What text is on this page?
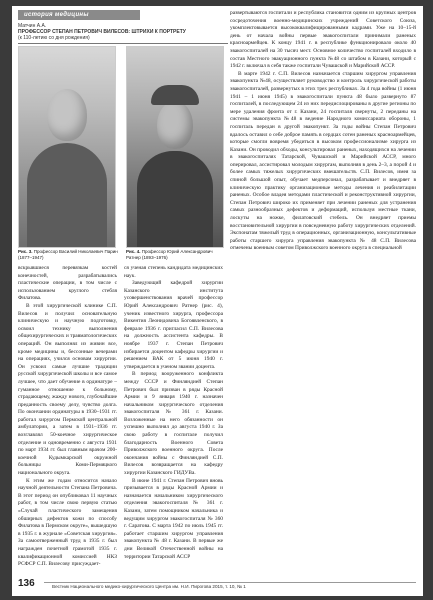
история медицины
Матчин А.А.
ПРОФЕССОР СТЕПАН ПЕТРОВИЧ ВИЛЕСОВ: ШТРИХИ К ПОРТРЕТУ
(к 110-летию со дня рождения)
Рис. 3. Профессор Василий Николаевич Парин (1877–1947)
Рис. 4. Профессор Юрий Александрович Ратнер (1893–1976)

вскрывшиеся перевязкам костей конечностей, разрабатывались пластические операции, в том числе с использованием круглого стебля Филатова.
В этой хирургической клинике С.П. Вилесов и получил основательную клиническую и научную подготовку, освоил технику выполнения общехирургических и травматологических операций. Он выполнял из живин все, кроме медицины и, бессонные вечерами на операциях, учился основам хирургии. Он усвоил самые лучшие традиции русской хирургической школы и все самое лучшее, что дает обучение в ординатуре – гуманное отношение к больному, страдающему, жажду нового, глубочайшие преданность своему делу, чувство долга. По окончании ординатуры в 1930–1931 гг. работал хирургом Пермской центральной амбулатории, а затем в 1931–1936 гг. возглавлял 50-коечное хирургическое отделение и одновременно с августа 1931 по март 1934 гг. был главным врачом 200-коечной Кудымкарской окружной больницы Коми-Пермяцкого национального округа.
К этим же годам относится начало научной деятельности Степана Петровича. В этот период он опубликовал 11 научных работ, в том числе свою первую статью «Случай пластического замещения обширных дефектов кожи по способу Филатова в Пермском округе», вышедшую в 1935 г. в журнале «Советская хирургия». За самоотверженный труд в 1935 г. был награжден почетной грамотой 1935 г. квалификационной комиссией НКЗ РСФСР С.П. Вилесову присуждает-

ся ученая степень кандидата медицинских наук.
Заведующий кафедрой хирургии Казанского института усовершенствования врачей профессор Юрий Александрович Ратнер (рис. 4), ученик известного хирурга, профессора Викентия Леонидовича Богоявленского, в феврале 1936 г. пригласил С.П. Вилесова на должность ассистента кафедры. В ноябре 1937 г. Степан Петрович избирается доцентом кафедры хирургии и решением ВАК от 5 июня 1940 г. утверждается в ученом звании доцента.
В период вооруженного конфликта между СССР и Финляндией Степан Петрович был призван в ряды Красной Армии и 9 января 1940 г. назначен начальником хирургического отделения эвакогоспиталя № 361 г. Казани. Возложенные на него обязанности он успешно выполнял до августа 1940 г. За свою работу в госпитале получил благодарность Военного Совета Приволжского военного округа. После окончания войны с Финляндией С.П. Вилесов возвращается на кафедру хирургии Казанского ГИДУВа.
В июне 1941 г. Степан Петрович вновь призывается в ряды Красной Армии и назначается начальником хирургического отделения эвакогоспиталя № 361 г. Казани, затем помощником начальника и ведущим хирургом эвакогоспиталя № 360 г. Саратова. С марта 1942 по июль 1945 гг. работает старшим хирургом управления эвакопункта № 48 г. Казани. В первые же дни Великой Отечественной войны на территории Татарской АССР

развертываются госпитали и республика становится одним из крупных центров сосредоточения военно-медицинских учреждений Советского Союза, укомплектовывается высококвалифицированными кадрами. Уже на 10–15-й день от начала войны первые эвакогоспитали принимали раненых красноармейцев. К концу 1941 г. в республике функционировало около 40 эвакогоспиталей на 30 тысяч мест. Основное количество госпиталей входило в состав Местного эвакуационного пункта №48 со штабом в Казани, который с 1942 г. включал в себя также госпитали Чувашской и Марийской АССР.
В марте 1942 г. С.П. Вилесов назначается старшим хирургом управления эвакопункта №48, осуществляет руководство и контроль хирургической работы эвакогоспиталей, развернутых в этих трех республиках. За 4 года войны (1 июня 1941 – 1 июня 1945) в эвакогоспитали пункта 48 было развернуто 87 госпиталей, в последующем 24 из них передислоцированы в другие регионы по мере удаления фронта от г. Казани, 24 госпиталя свернуты, 2 переданы на системы эвакопункта №48 в ведение Народного комиссариата обороны, 1 госпиталь передан в другой эвакопункт. За годы войны Степан Петрович вдалось оставил о себе доброе память в сердцах сотен раненых красноармейцев, которые смогли вовремя убедиться в высоком профессионализме хирурга из Казани. Он проводил обходы, консультировал раненых, находящихся на лечении в эвакогоспиталях Татарской, Чувашской и Марийской АССР, много оперировал, ассистировал молодым хирургам, выполняя в день 2–3, а порой 4 и более самых тяжелых хирургических вмешательств. С.П. Вилесов, имея за спиной большой опыт, обучает медперсонал, разрабатывает и внедряет в клиническую практику организационные методы лечения и реабилитации раненых. Особое владея методами пластической и реконструктивной хирургии, Степан Петрович широко их применяет при лечении раненых для устранения самых разнообразных дефектов и деформаций, используя местные ткани, лоскуты на ножке, филатовский стебель. Он внедряет приемы восстановительной хирургии в повседневную работу хирургических отделений. Экспонатам тяжелый труд в операционных, организационную, консультативные работы старшего хирурга управления эвакопункта № 48 С.П. Вилесова отмечены военным советом Приволжского военного округа в специальной

136	Вестник Национального медико-хирургического Центра им. Н.И. Пирогова 2015, т. 10, № 1
